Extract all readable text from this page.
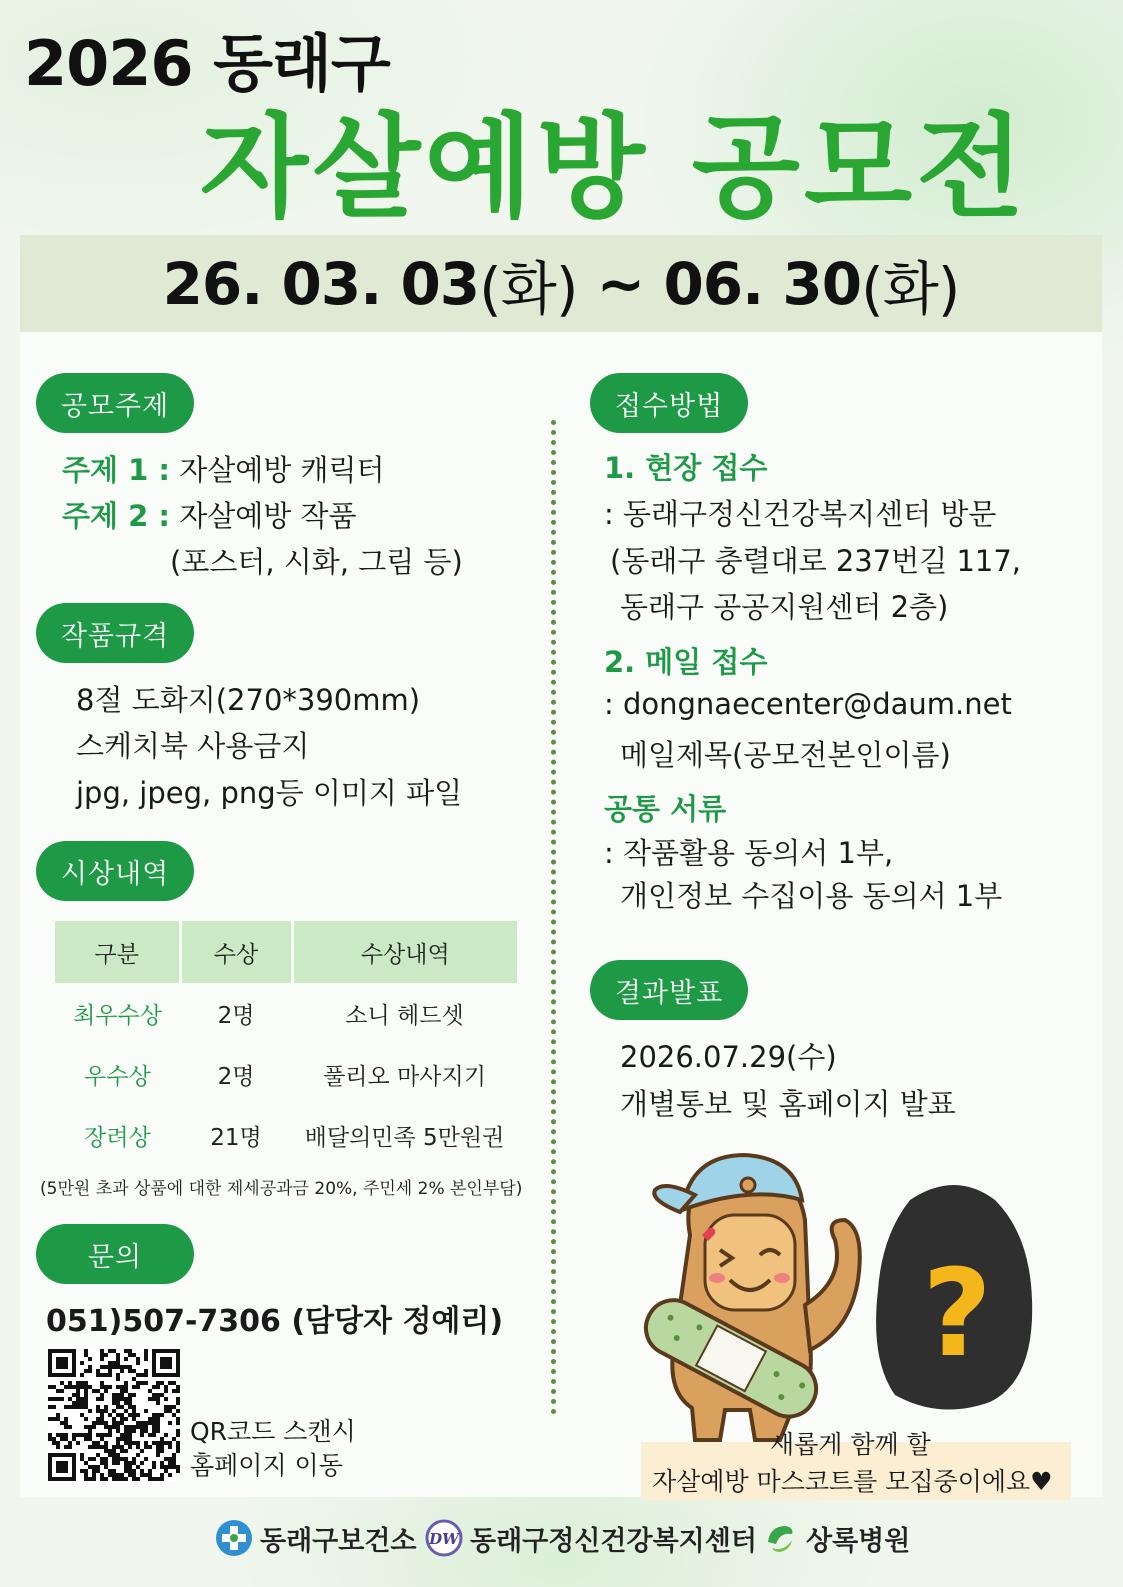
2026 동래구
자살예방 공모전
26. 03. 03 (화) ~ 06. 30 (화)
공모주제
주제 1 : 자살예방 캐릭터
주제 2 : 자살예방 작품
(포스터, 시화, 그림 등)
작품규격
8절 도화지(270*390mm)
스케치북 사용금지
jpg, jpeg, png등 이미지 파일
시상내역
구분	수상	수상내역
최우수상	2명	소니 헤드셋
우수상	2명	풀리오 마사지기
장려상	21명	배달의민족 5만원권
(5만원 초과 상품에 대한 제세공과금 20%, 주민세 2% 본인부담)
문의
051)507-7306 (담당자 정예리)
QR코드 스캔시
홈페이지 이동
접수방법
1. 현장 접수
: 동래구정신건강복지센터 방문
(동래구 충렬대로 237번길 117,
동래구 공공지원센터 2층)
2. 메일 접수
: dongnaecenter@daum.net
메일제목(공모전본인이름)
공통 서류
: 작품활용 동의서 1부,
개인정보 수집이용 동의서 1부
결과발표
2026.07.29(수)
개별통보 및 홈페이지 발표
?
새롭게 함께 할
자살예방 마스코트를 모집중이에요♥
동래구보건소 DW 동래구정신건강복지센터 상록병원
